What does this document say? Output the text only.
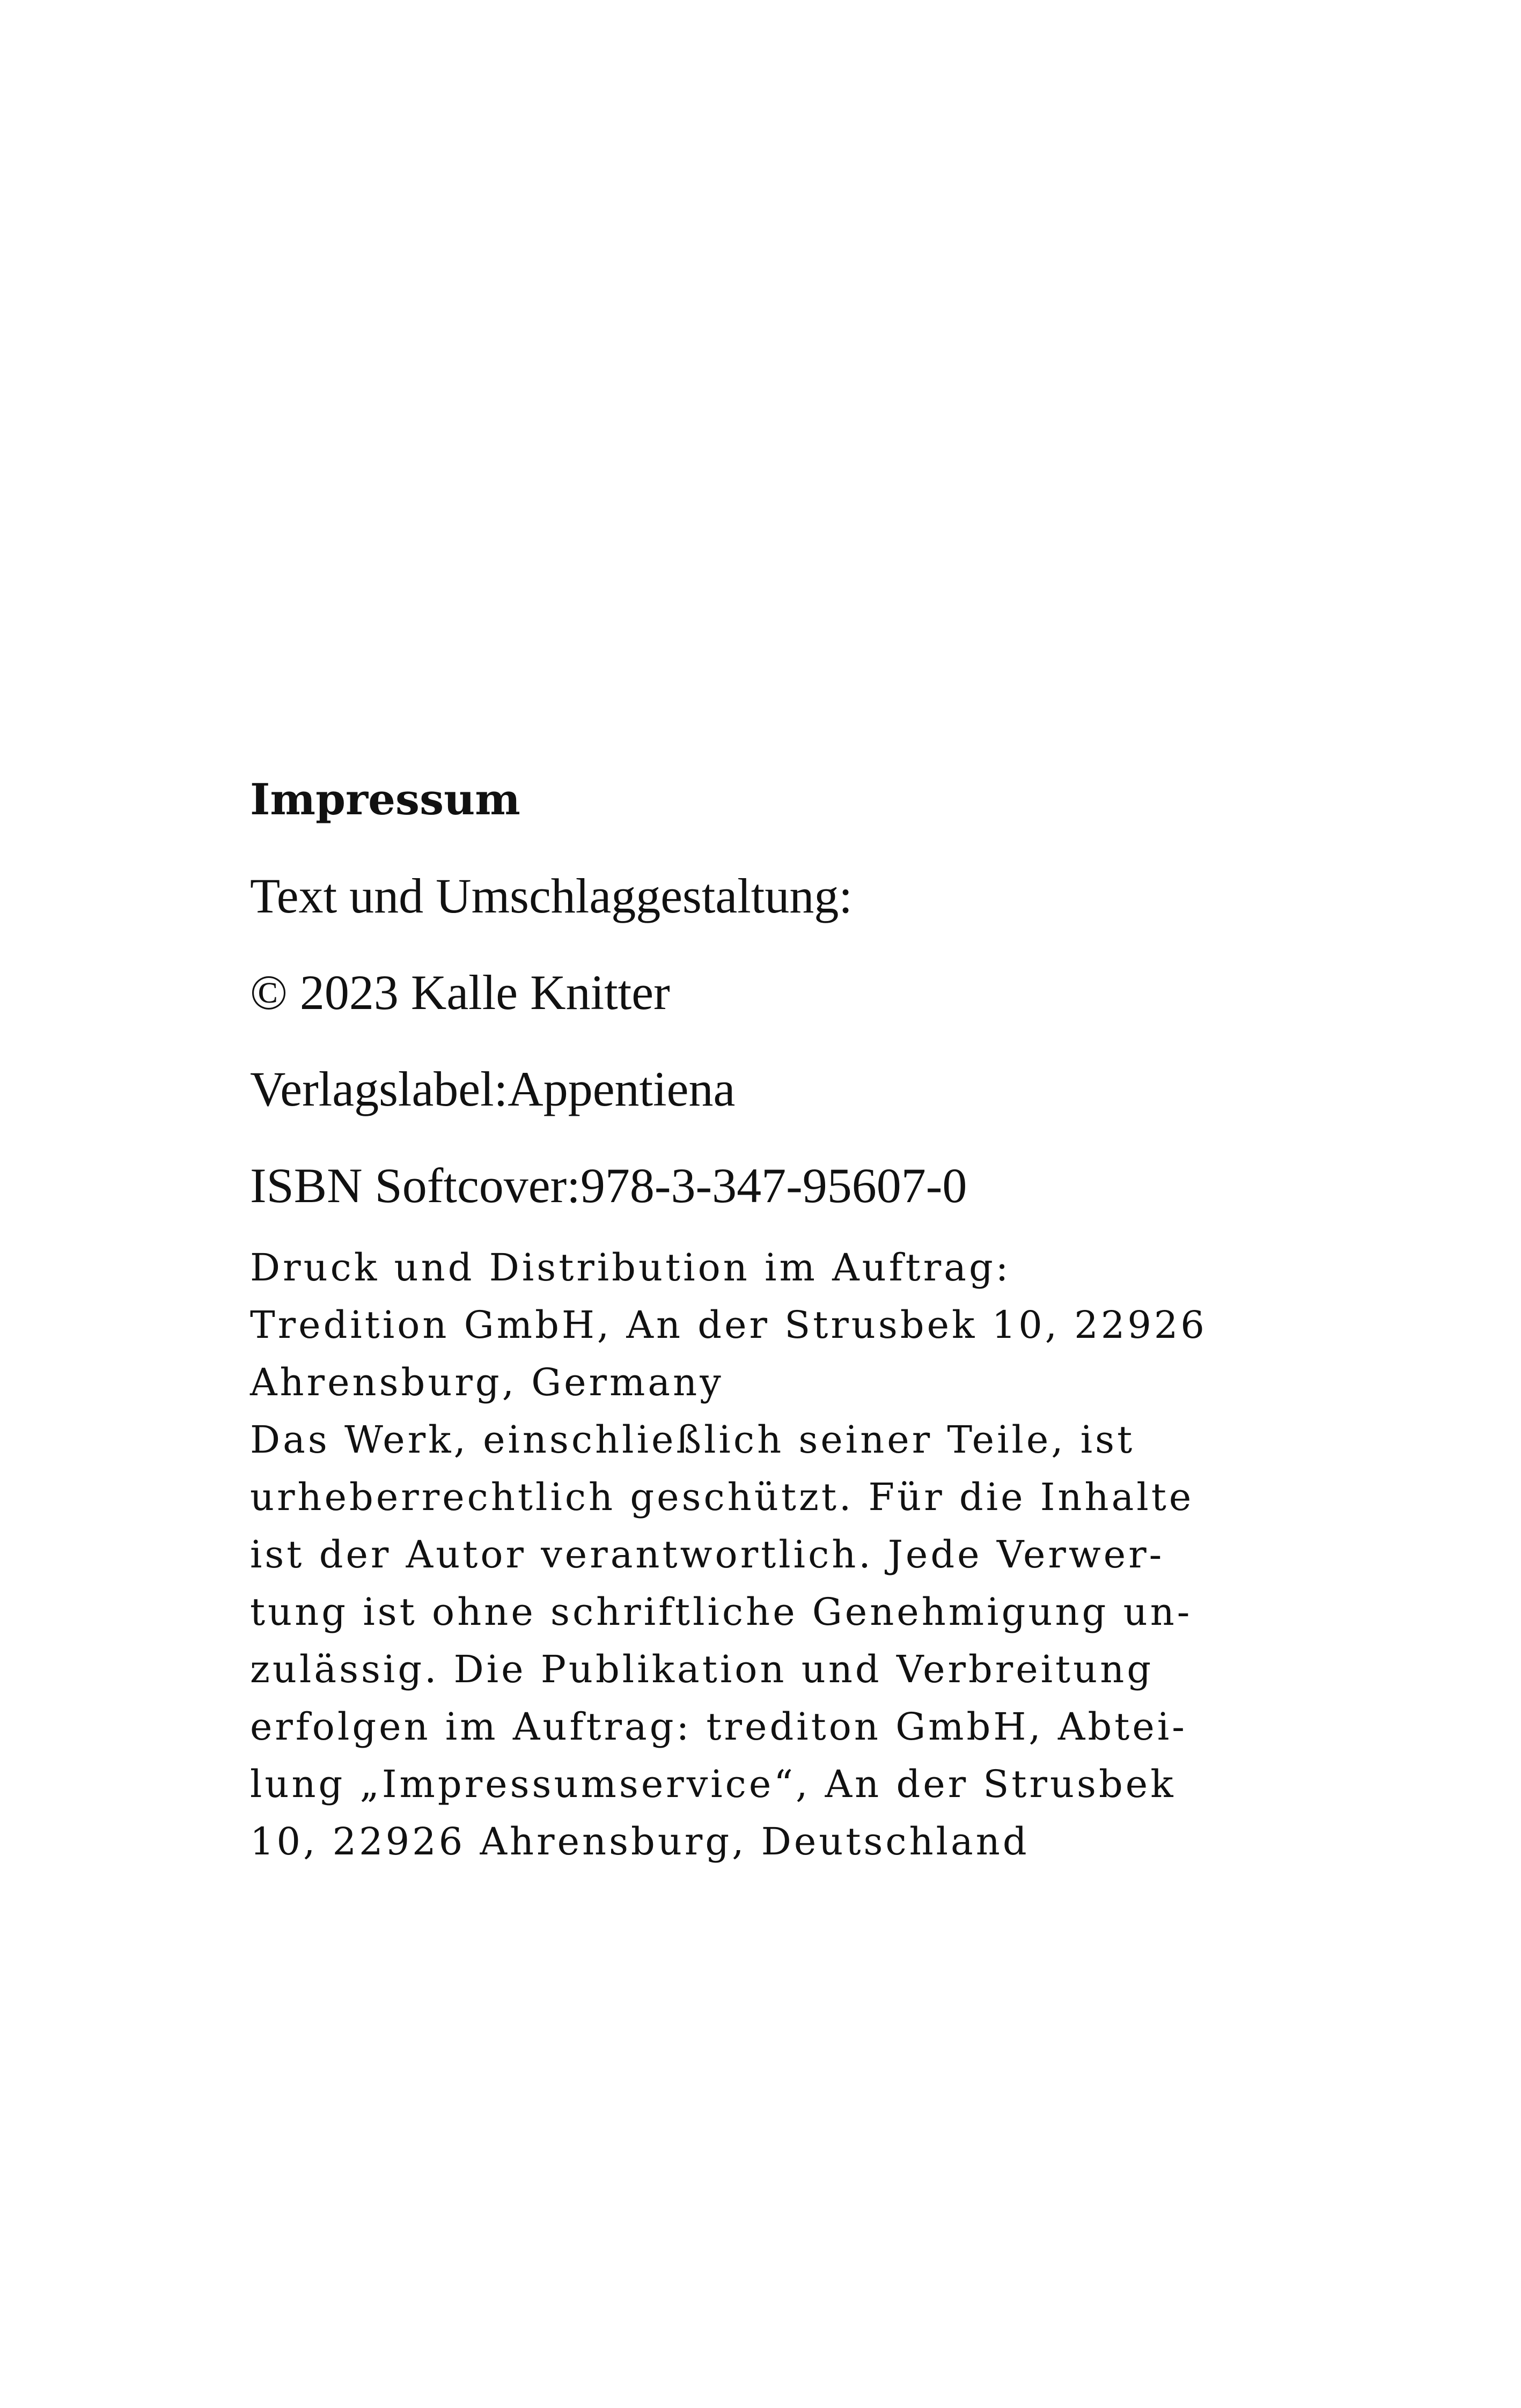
Impressum
Text und Umschlaggestaltung:
© 2023 Kalle Knitter
Verlagslabel:Appentiena
ISBN Softcover:978-3-347-95607-0
Druck und Distribution im Auftrag:
Tredition GmbH, An der Strusbek 10, 22926
Ahrensburg, Germany
Das Werk, einschließlich seiner Teile, ist
urheberrechtlich geschützt. Für die Inhalte
ist der Autor verantwortlich. Jede Verwer-
tung ist ohne schriftliche Genehmigung un-
zulässig. Die Publikation und Verbreitung
erfolgen im Auftrag: trediton GmbH, Abtei-
lung „Impressumservice“, An der Strusbek
10, 22926 Ahrensburg, Deutschland
